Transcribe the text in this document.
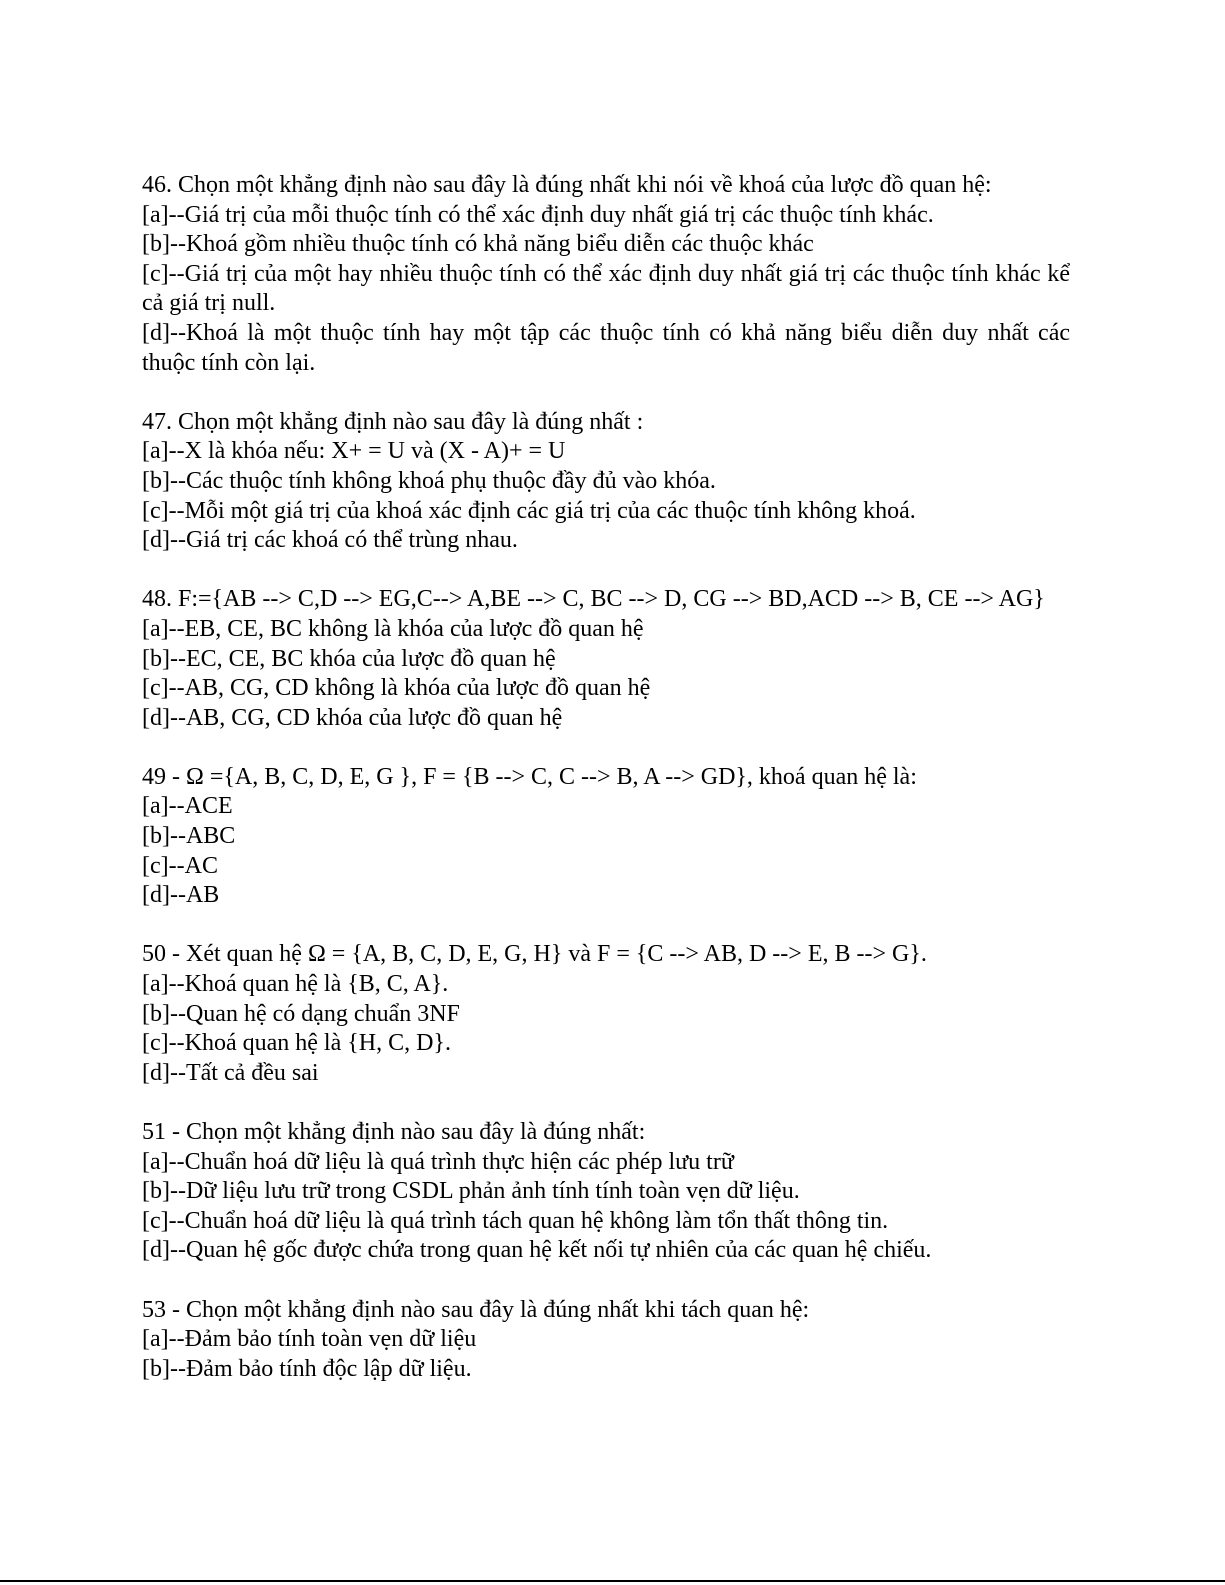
46. Chọn một khẳng định nào sau đây là đúng nhất khi nói về khoá của lược đồ quan hệ:

[a]--Giá trị của mỗi thuộc tính có thể xác định duy nhất giá trị các thuộc tính khác.

[b]--Khoá gồm nhiều thuộc tính có khả năng biểu diễn các thuộc khác

[c]--Giá trị của một hay nhiều thuộc tính có thể xác định duy nhất giá trị các thuộc tính khác kể cả giá trị null.

[d]--Khoá là một thuộc tính hay một tập các thuộc tính có khả năng biểu diễn duy nhất các thuộc tính còn lại.

47. Chọn một khẳng định nào sau đây là đúng nhất :

[a]--X là khóa nếu: X+ = U và (X - A)+ = U

[b]--Các thuộc tính không khoá phụ thuộc đầy đủ vào khóa.

[c]--Mỗi một giá trị của khoá xác định các giá trị của các thuộc tính không khoá.

[d]--Giá trị các khoá có thể trùng nhau.

48. F:={AB --> C,D --> EG,C--> A,BE --> C, BC --> D, CG --> BD,ACD --> B, CE --> AG}

[a]--EB, CE, BC không là khóa của lược đồ quan hệ

[b]--EC, CE, BC khóa của lược đồ quan hệ

[c]--AB, CG, CD không là khóa của lược đồ quan hệ

[d]--AB, CG, CD khóa của lược đồ quan hệ

49 - Ω ={A, B, C, D, E, G }, F = {B --> C, C --> B, A --> GD}, khoá quan hệ là:

[a]--ACE

[b]--ABC

[c]--AC

[d]--AB

50 - Xét quan hệ Ω = {A, B, C, D, E, G, H} và F = {C --> AB, D --> E, B --> G}.

[a]--Khoá quan hệ là {B, C, A}.

[b]--Quan hệ có dạng chuẩn 3NF

[c]--Khoá quan hệ là {H, C, D}.

[d]--Tất cả đều sai

51 - Chọn một khẳng định nào sau đây là đúng nhất:

[a]--Chuẩn hoá dữ liệu là quá trình thực hiện các phép lưu trữ

[b]--Dữ liệu lưu trữ trong CSDL phản ảnh tính tính toàn vẹn dữ liệu.

[c]--Chuẩn hoá dữ liệu là quá trình tách quan hệ không làm tổn thất thông tin.

[d]--Quan hệ gốc được chứa trong quan hệ kết nối tự nhiên của các quan hệ chiếu.

53 - Chọn một khẳng định nào sau đây là đúng nhất khi tách quan hệ:

[a]--Đảm bảo tính toàn vẹn dữ liệu

[b]--Đảm bảo tính độc lập dữ liệu.
